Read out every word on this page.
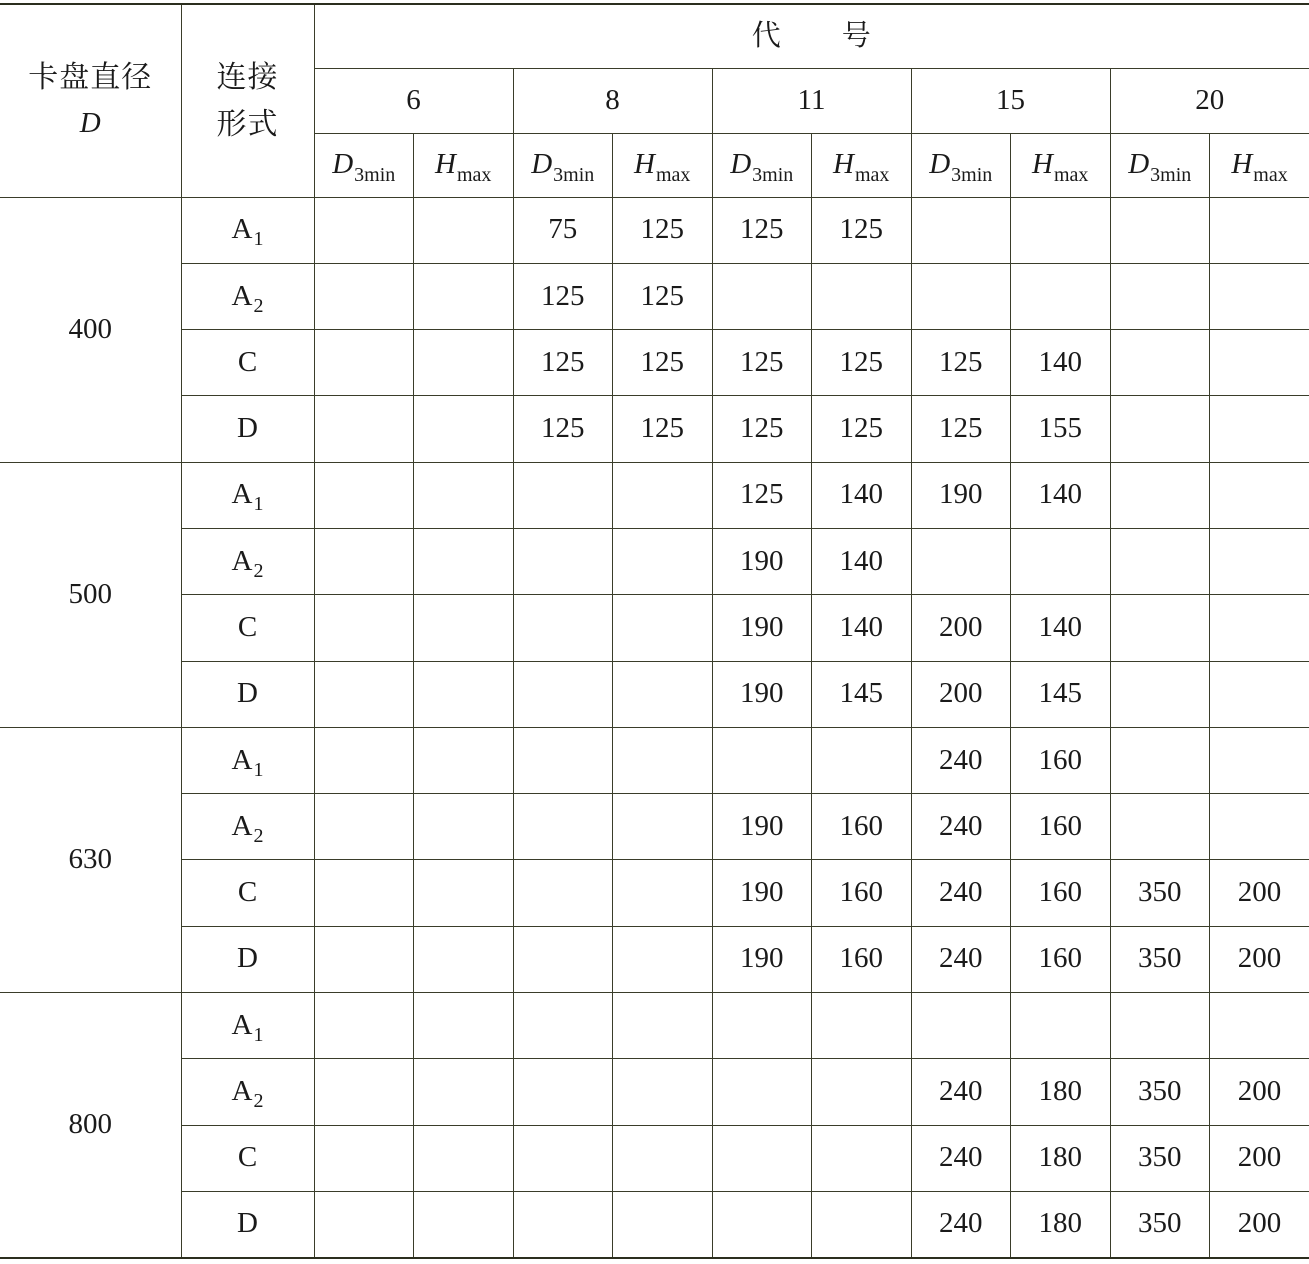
卡盘直径
D	连接
形式	代　　号									
		6		8		11		15		20	
		$D_{3min}$	$H_{max}$	$D_{3min}$	$H_{max}$	$D_{3min}$	$H_{max}$	$D_{3min}$	$H_{max}$	$D_{3min}$	$H_{max}$
400	$A_1$			75	125	125	125				
	$A_2$			125	125						
	C			125	125	125	125	125	140		
	D			125	125	125	125	125	155		
500	$A_1$					125	140	190	140		
	$A_2$					190	140				
	C					190	140	200	140		
	D					190	145	200	145		
630	$A_1$							240	160		
	$A_2$					190	160	240	160		
	C					190	160	240	160	350	200
	D					190	160	240	160	350	200
800	$A_1$										
	$A_2$							240	180	350	200
	C							240	180	350	200
	D							240	180	350	200
